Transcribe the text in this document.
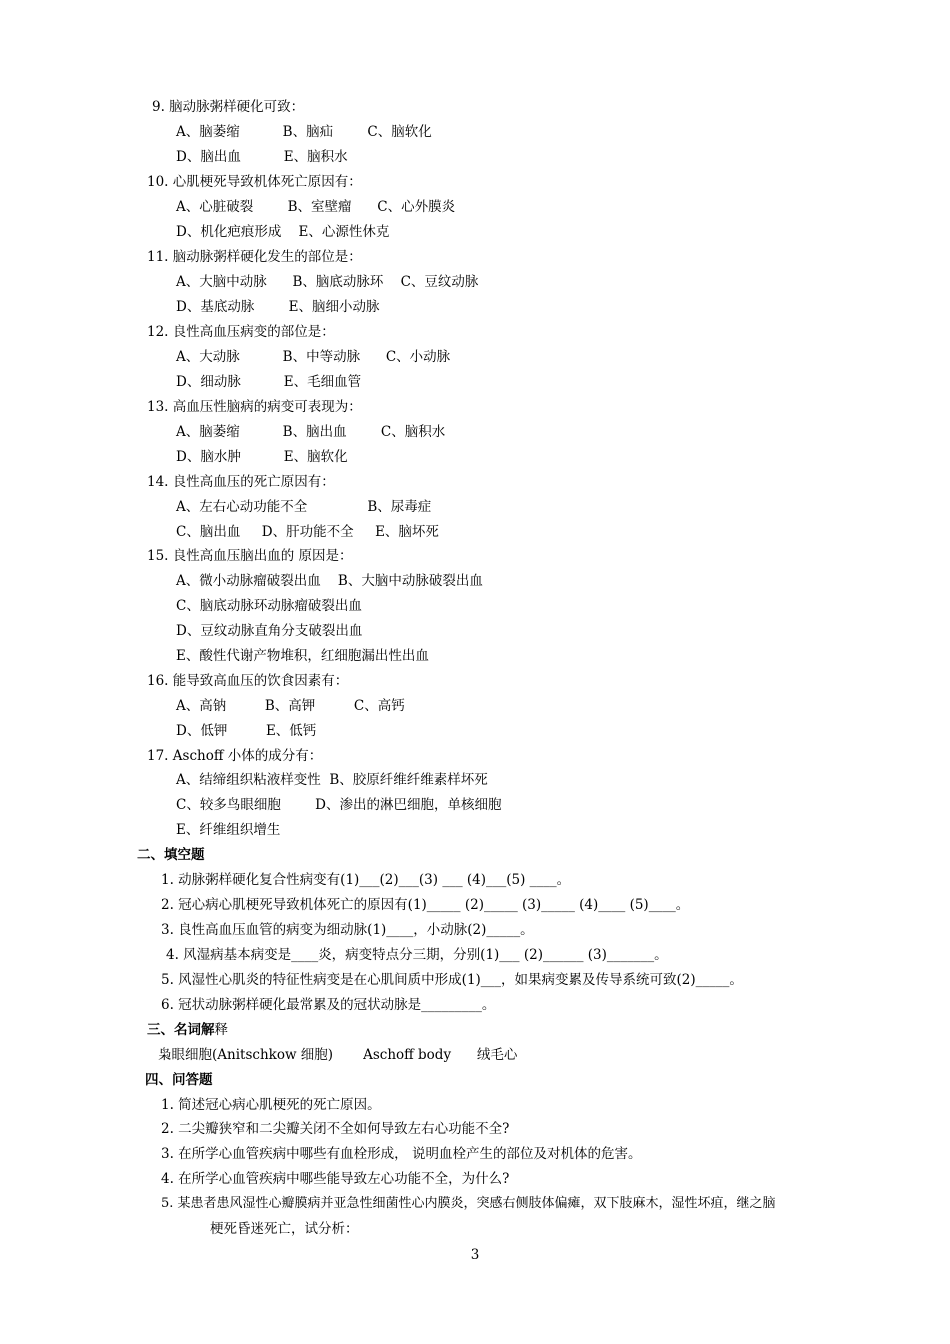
9. 脑动脉粥样硬化可致：
A、脑萎缩          B、脑疝        C、脑软化
D、脑出血          E、脑积水
10. 心肌梗死导致机体死亡原因有：
A、心脏破裂        B、室壁瘤      C、心外膜炎
D、机化疤痕形成    E、心源性休克
11. 脑动脉粥样硬化发生的部位是：
A、大脑中动脉      B、脑底动脉环    C、豆纹动脉
D、基底动脉        E、脑细小动脉
12. 良性高血压病变的部位是：
A、大动脉          B、中等动脉      C、小动脉
D、细动脉          E、毛细血管
13. 高血压性脑病的病变可表现为：
A、脑萎缩          B、脑出血        C、脑积水
D、脑水肿          E、脑软化
14. 良性高血压的死亡原因有：
A、左右心动功能不全              B、尿毒症
C、脑出血     D、肝功能不全     E、脑坏死
15. 良性高血压脑出血的 原因是：
A、微小动脉瘤破裂出血    B、大脑中动脉破裂出血
C、脑底动脉环动脉瘤破裂出血
D、豆纹动脉直角分支破裂出血
E、酸性代谢产物堆积，红细胞漏出性出血
16. 能导致高血压的饮食因素有：
A、高钠         B、高钾         C、高钙
D、低钾         E、低钙
17. Aschoff 小体的成分有：
A、结缔组织粘液样变性  B、胶原纤维纤维素样坏死
C、较多鸟眼细胞        D、渗出的淋巴细胞，单核细胞
E、纤维组织增生
二、填空题
1. 动脉粥样硬化复合性病变有(1)___(2)___(3) ___ (4)___(5) ____。
2. 冠心病心肌梗死导致机体死亡的原因有(1)_____ (2)_____ (3)_____ (4)____ (5)____。
3. 良性高血压血管的病变为细动脉(1)____，小动脉(2)_____。
4. 风湿病基本病变是____炎，病变特点分三期，分别(1)___ (2)______ (3)_______。
5. 风湿性心肌炎的特征性病变是在心肌间质中形成(1)___，如果病变累及传导系统可致(2)_____。
6. 冠状动脉粥样硬化最常累及的冠状动脉是_________。
三、名词解释
枭眼细胞(Anitschkow 细胞)       Aschoff body      绒毛心
四、问答题
1. 简述冠心病心肌梗死的死亡原因。
2. 二尖瓣狭窄和二尖瓣关闭不全如何导致左右心功能不全?
3. 在所学心血管疾病中哪些有血栓形成， 说明血栓产生的部位及对机体的危害。
4. 在所学心血管疾病中哪些能导致左心功能不全，为什么?
5. 某患者患风湿性心瓣膜病并亚急性细菌性心内膜炎，突感右侧肢体偏瘫，双下肢麻木，湿性坏疽，继之脑
梗死昏迷死亡，试分析：
3
